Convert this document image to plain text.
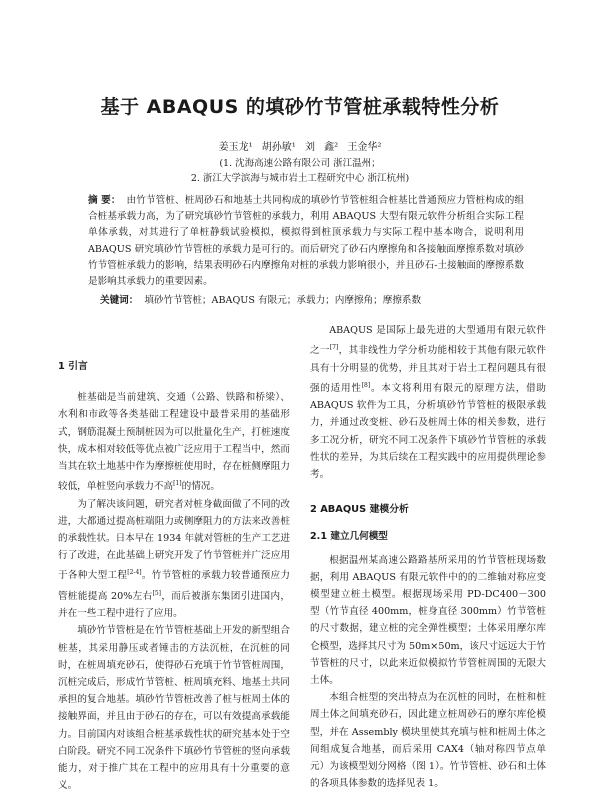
基于 ABAQUS 的填砂竹节管桩承载特性分析
姜玉龙¹ 胡孙敏¹ 刘 鑫² 王金华²
(1. 沈海高速公路有限公司 浙江温州；
2. 浙江大学滨海与城市岩土工程研究中心 浙江杭州)
摘 要： 由竹节管桩、桩周砂石和地基土共同构成的填砂竹节管桩组合桩基比普通预应力管桩构成的组合桩基承载力高，为了研究填砂竹节管桩的承载力，利用 ABAQUS 大型有限元软件分析组合实际工程单体承载，对其进行了单桩静载试验模拟，模拟得到桩顶承载力与实际工程中基本吻合，说明利用 ABAQUS 研究填砂竹节管桩的承载力是可行的。而后研究了砂石内摩擦角和各接触面摩擦系数对填砂竹节管桩承载力的影响，结果表明砂石内摩擦角对桩的承载力影响很小，并且砂石-土接触面的摩擦系数是影响其承载力的重要因素。
关键词： 填砂竹节管桩；ABAQUS 有限元；承载力；内摩擦角；摩擦系数
1 引言

桩基础是当前建筑、交通（公路、铁路和桥梁）、水利和市政等各类基础工程建设中最普采用的基础形式，钢筋混凝土预制桩因为可以批量化生产，打桩速度快，成本相对较低等优点被广泛应用于工程当中，然而当其在软土地基中作为摩擦桩使用时，存在桩侧摩阻力较低，单桩竖向承载力不高[1]的情况。

为了解决该问题，研究者对桩身截面做了不同的改进，大都通过提高桩端阻力或侧摩阻力的方法来改善桩的承载性状。日本早在 1934 年就对管桩的生产工艺进行了改进，在此基础上研究开发了竹节管桩并广泛应用于各种大型工程[2-4]。竹节管桩的承载力较普通预应力管桩能提高 20%左右[5]，而后被浙东集团引进国内，并在一些工程中进行了应用。

填砂竹节管桩是在竹节管桩基础上开发的新型组合桩基，其采用静压或者锤击的方法沉桩，在沉桩的同时，在桩周填充砂石，使得砂石充填于竹节管桩周围，沉桩完成后，形成竹节管桩、桩周填充料、地基土共同承担的复合地基。填砂竹节管桩改善了桩与桩周土体的接触界面，并且由于砂石的存在，可以有效提高承载能力。目前国内对该组合桩基承载性状的研究基本处于空白阶段。研究不同工况条件下填砂竹节管桩的竖向承载能力，对于推广其在工程中的应用具有十分重要的意义。

ABAQUS 是国际上最先进的大型通用有限元软件之一[7]，其非线性力学分析功能相较于其他有限元软件具有十分明显的优势，并且其对于岩土工程问题具有很强的适用性[8]。本文将利用有限元的原理方法，借助 ABAQUS 软件为工具，分析填砂竹节管桩的极限承载力，并通过改变桩、砂石及桩周土体的相关参数，进行多工况分析，研究不同工况条件下填砂竹节管桩的承载性状的差异，为其后续在工程实践中的应用提供理论参考。

2 ABAQUS 建模分析
2.1 建立几何模型

根据温州某高速公路路基所采用的竹节管桩现场数据，利用 ABAQUS 有限元软件中的的二维轴对称应变模型建立桩土模型。根据现场采用 PD-DC400－300 型（竹节直径 400mm，桩身直径 300mm）竹节管桩的尺寸数据，建立桩的完全弹性模型；土体采用摩尔库仑模型，选择其尺寸为 50m×50m，该尺寸远远大于竹节管桩的尺寸，以此来近似模拟竹节管桩周围的无限大土体。

本组合桩型的突出特点为在沉桩的同时，在桩和桩周土体之间填充砂石，因此建立桩周砂石的摩尔库伦模型，并在 Assembly 模块里使其充填与桩和桩周土体之间组成复合地基，而后采用 CAX4（轴对称四节点单元）为该模型划分网格（图 1）。竹节管桩、砂石和土体的各项具体参数的选择见表 1。
